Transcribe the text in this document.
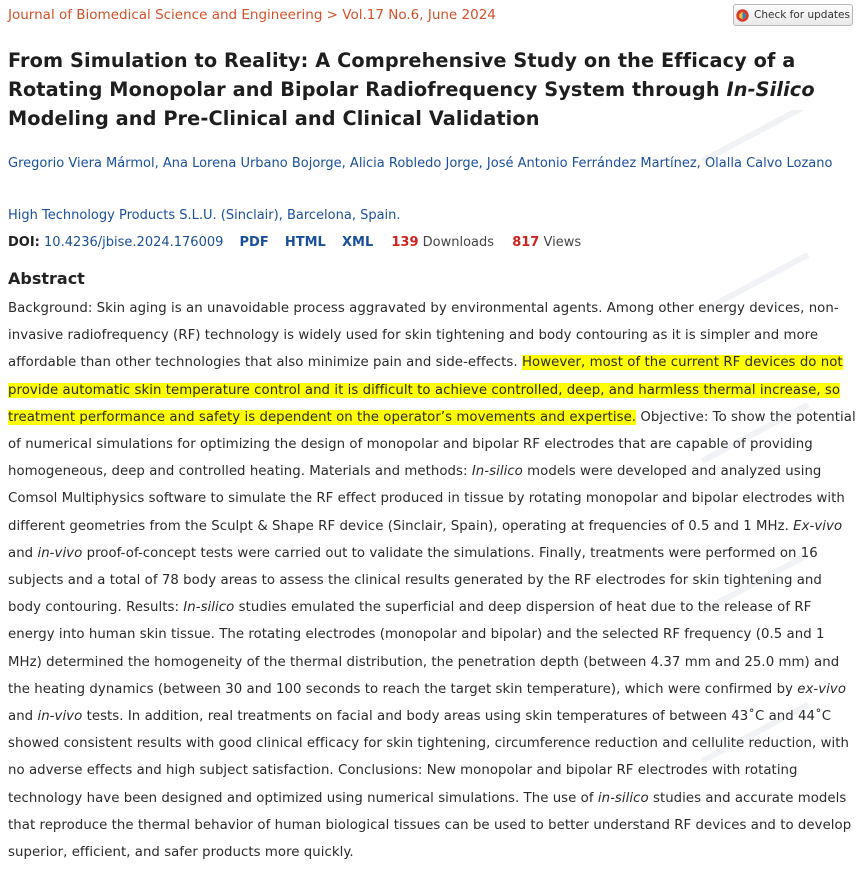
Journal of Biomedical Science and Engineering > Vol.17 No.6, June 2024	Check for updates
From Simulation to Reality: A Comprehensive Study on the Efficacy of a Rotating Monopolar and Bipolar Radiofrequency System through In-Silico Modeling and Pre-Clinical and Clinical Validation
Gregorio Viera Mármol, Ana Lorena Urbano Bojorge, Alicia Robledo Jorge, José Antonio Ferrández Martínez, Olalla Calvo Lozano
High Technology Products S.L.U. (Sinclair), Barcelona, Spain.
DOI: 10.4236/jbise.2024.176009 PDF HTML XML 139 Downloads 817 Views
Abstract

Background: Skin aging is an unavoidable process aggravated by environmental agents. Among other energy devices, non-invasive radiofrequency (RF) technology is widely used for skin tightening and body contouring as it is simpler and more affordable than other technologies that also minimize pain and side-effects. However, most of the current RF devices do not provide automatic skin temperature control and it is difficult to achieve controlled, deep, and harmless thermal increase, so treatment performance and safety is dependent on the operator’s movements and expertise. Objective: To show the potential of numerical simulations for optimizing the design of monopolar and bipolar RF electrodes that are capable of providing homogeneous, deep and controlled heating. Materials and methods: In-silico models were developed and analyzed using Comsol Multiphysics software to simulate the RF effect produced in tissue by rotating monopolar and bipolar electrodes with different geometries from the Sculpt & Shape RF device (Sinclair, Spain), operating at frequencies of 0.5 and 1 MHz. Ex-vivo and in-vivo proof-of-concept tests were carried out to validate the simulations. Finally, treatments were performed on 16 subjects and a total of 78 body areas to assess the clinical results generated by the RF electrodes for skin tightening and body contouring. Results: In-silico studies emulated the superficial and deep dispersion of heat due to the release of RF energy into human skin tissue. The rotating electrodes (monopolar and bipolar) and the selected RF frequency (0.5 and 1 MHz) determined the homogeneity of the thermal distribution, the penetration depth (between 4.37 mm and 25.0 mm) and the heating dynamics (between 30 and 100 seconds to reach the target skin temperature), which were confirmed by ex-vivo and in-vivo tests. In addition, real treatments on facial and body areas using skin temperatures of between 43˚C and 44˚C showed consistent results with good clinical efficacy for skin tightening, circumference reduction and cellulite reduction, with no adverse effects and high subject satisfaction. Conclusions: New monopolar and bipolar RF electrodes with rotating technology have been designed and optimized using numerical simulations. The use of in-silico studies and accurate models that reproduce the thermal behavior of human biological tissues can be used to better understand RF devices and to develop superior, efficient, and safer products more quickly.
